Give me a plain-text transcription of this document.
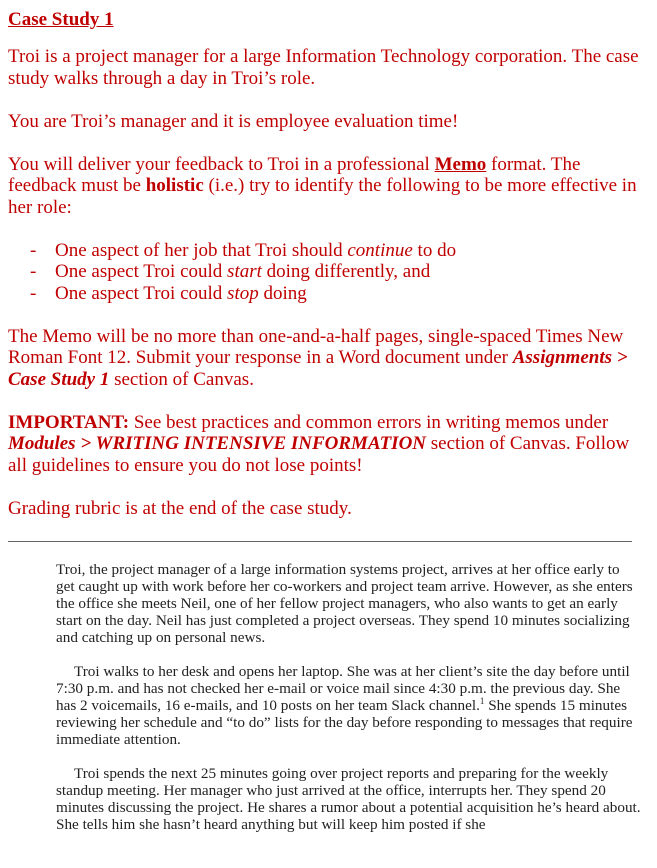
Case Study 1

Troi is a project manager for a large Information Technology corporation. The case study walks through a day in Troi’s role.

You are Troi’s manager and it is employee evaluation time!

You will deliver your feedback to Troi in a professional Memo format. The feedback must be holistic (i.e.) try to identify the following to be more effective in her role:

- One aspect of her job that Troi should continue to do
- One aspect Troi could start doing differently, and
- One aspect Troi could stop doing

The Memo will be no more than one-and-a-half pages, single-spaced Times New Roman Font 12. Submit your response in a Word document under Assignments > Case Study 1 section of Canvas.

IMPORTANT: See best practices and common errors in writing memos under Modules > WRITING INTENSIVE INFORMATION section of Canvas. Follow all guidelines to ensure you do not lose points!

Grading rubric is at the end of the case study.

Troi, the project manager of a large information systems project, arrives at her office early to get caught up with work before her co-workers and project team arrive. However, as she enters the office she meets Neil, one of her fellow project managers, who also wants to get an early start on the day. Neil has just completed a project overseas. They spend 10 minutes socializing and catching up on personal news.

Troi walks to her desk and opens her laptop. She was at her client’s site the day before until 7:30 p.m. and has not checked her e-mail or voice mail since 4:30 p.m. the previous day. She has 2 voicemails, 16 e-mails, and 10 posts on her team Slack channel.$^1$ She spends 15 minutes reviewing her schedule and “to do” lists for the day before responding to messages that require immediate attention.

Troi spends the next 25 minutes going over project reports and preparing for the weekly standup meeting. Her manager who just arrived at the office, interrupts her. They spend 20 minutes discussing the project. He shares a rumor about a potential acquisition he’s heard about. She tells him she hasn’t heard anything but will keep him posted if she
